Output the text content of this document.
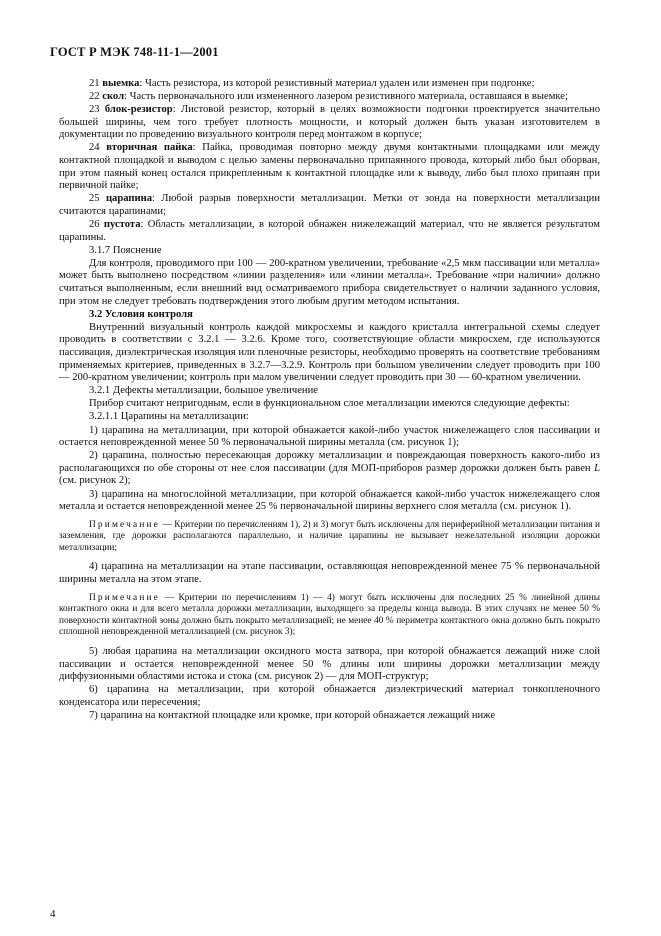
ГОСТ Р МЭК 748-11-1—2001

21 выемка: Часть резистора, из которой резистивный материал удален или изменен при подгонке;

22 скол: Часть первоначального или измененного лазером резистивного материала, оставшаяся в выемке;

23 блок-резистор: Листовой резистор, который в целях возможности подгонки проектируется значительно большей ширины, чем того требует плотность мощности, и который должен быть указан изготовителем в документации по проведению визуального контроля перед монтажом в корпусе;

24 вторичная пайка: Пайка, проводимая повторно между двумя контактными площадками или между контактной площадкой и выводом с целью замены первоначально припаянного провода, который либо был оборван, при этом паяный конец остался прикрепленным к контактной площадке или к выводу, либо был плохо припаян при первичной пайке;

25 царапина: Любой разрыв поверхности металлизации. Метки от зонда на поверхности металлизации считаются царапинами;

26 пустота: Область металлизации, в которой обнажен нижележащий материал, что не является результатом царапины.

3.1.7 Пояснение

Для контроля, проводимого при 100 — 200-кратном увеличении, требование «2,5 мкм пассивации или металла» может быть выполнено посредством «линии разделения» или «линии металла». Требование «при наличии» должно считаться выполненным, если внешний вид осматриваемого прибора свидетельствует о наличии заданного условия, при этом не следует требовать подтверждения этого любым другим методом испытания.

3.2 Условия контроля

Внутренний визуальный контроль каждой микросхемы и каждого кристалла интегральной схемы следует проводить в соответствии с 3.2.1 — 3.2.6. Кроме того, соответствующие области микросхем, где используются пассивация, диэлектрическая изоляция или пленочные резисторы, необходимо проверять на соответствие требованиям применяемых критериев, приведенных в 3.2.7—3.2.9. Контроль при большом увеличении следует проводить при 100 — 200-кратном увеличении; контроль при малом увеличении следует проводить при 30 — 60-кратном увеличении.

3.2.1 Дефекты металлизации, большое увеличение

Прибор считают непригодным, если в функциональном слое металлизации имеются следующие дефекты:

3.2.1.1 Царапины на металлизации:

1) царапина на металлизации, при которой обнажается какой-либо участок нижележащего слоя пассивации и остается неповрежденной менее 50 % первоначальной ширины металла (см. рисунок 1);

2) царапина, полностью пересекающая дорожку металлизации и повреждающая поверхность какого-либо из располагающихся по обе стороны от нее слоя пассивации (для МОП-приборов размер дорожки должен быть равен L (см. рисунок 2);

3) царапина на многослойной металлизации, при которой обнажается какой-либо участок нижележащего слоя металла и остается неповрежденной менее 25 % первоначальной ширины верхнего слоя металла (см. рисунок 1).

Примечание — Критерии по перечислениям 1), 2) и 3) могут быть исключены для периферийной металлизации питания и заземления, где дорожки располагаются параллельно, и наличие царапины не вызывает нежелательной изоляции дорожки металлизации;

4) царапина на металлизации на этапе пассивации, оставляющая неповрежденной менее 75 % первоначальной ширины металла на этом этапе.

Примечание — Критерии по перечислениям 1) — 4) могут быть исключены для последних 25 % линейной длины контактного окна и для всего металла дорожки металлизации, выходящего за пределы конца вывода. В этих случаях не менее 50 % поверхности контактной зоны должно быть покрыто металлизацией; не менее 40 % периметра контактного окна должно быть покрыто сплошной неповрежденной металлизацией (см. рисунок 3);

5) любая царапина на металлизации оксидного моста затвора, при которой обнажается лежащий ниже слой пассивации и остается неповрежденной менее 50 % длины или ширины дорожки металлизации между диффузионными областями истока и стока (см. рисунок 2) — для МОП-структур;

6) царапина на металлизации, при которой обнажается диэлектрический материал тонкопленочного конденсатора или пересечения;

7) царапина на контактной площадке или кромке, при которой обнажается лежащий ниже

4
